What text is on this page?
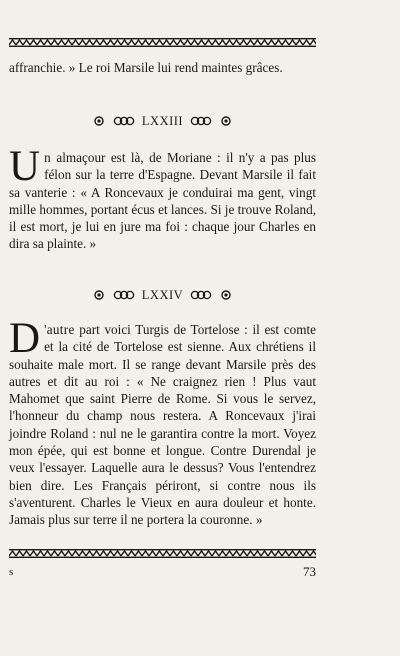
affranchie. » Le roi Marsile lui rend maintes grâces.

LXXIII

Un almaçour est là, de Moriane : il n'y a pas plus félon sur la terre d'Espagne. Devant Marsile il fait sa vanterie : « A Roncevaux je conduirai ma gent, vingt mille hommes, portant écus et lances. Si je trouve Roland, il est mort, je lui en jure ma foi : chaque jour Charles en dira sa plainte. »

LXXIV

D 'autre part voici Turgis de Tortelose : il est comte et la cité de Tortelose est sienne. Aux chrétiens il souhaite male mort. Il se range devant Marsile près des autres et dit au roi : « Ne craignez rien ! Plus vaut Mahomet que saint Pierre de Rome. Si vous le servez, l'honneur du champ nous restera. A Roncevaux j'irai joindre Roland : nul ne le garantira contre la mort. Voyez mon épée, qui est bonne et longue. Contre Durendal je veux l'essayer. Laquelle aura le dessus? Vous l'entendrez bien dire. Les Français périront, si contre nous ils s'aventurent. Charles le Vieux en aura douleur et honte. Jamais plus sur terre il ne portera la couronne. »
s	73
